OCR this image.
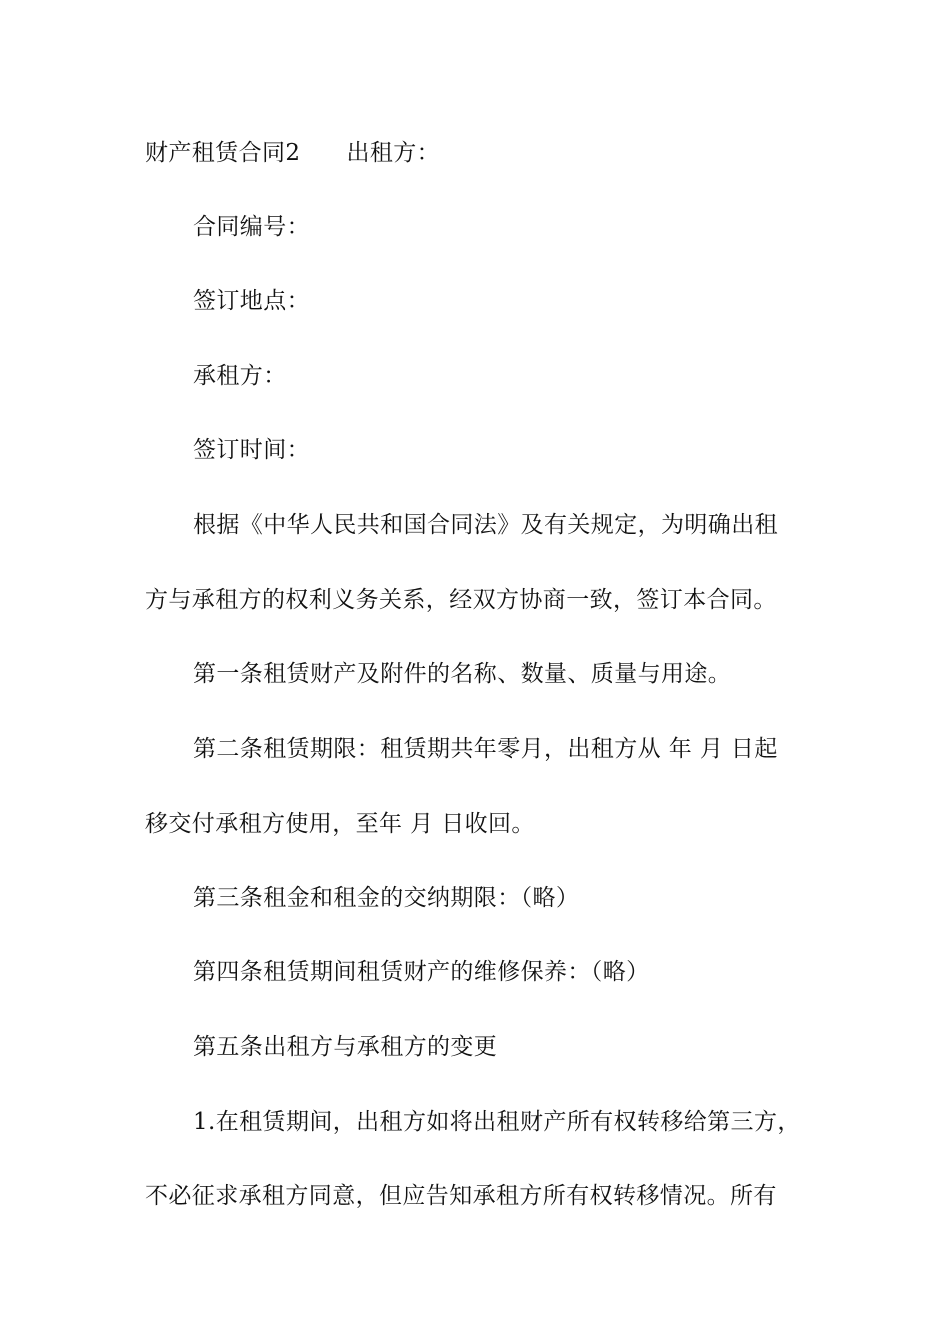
财产租赁合同2 出租方：
合同编号：
签订地点：
承租方：
签订时间：
根据《中华人民共和国合同法》及有关规定，为明确出租
方与承租方的权利义务关系，经双方协商一致，签订本合同。
第一条租赁财产及附件的名称、数量、质量与用途。
第二条租赁期限：租赁期共年零月，出租方从 年 月 日起
移交付承租方使用，至年 月 日收回。
第三条租金和租金的交纳期限：（略）
第四条租赁期间租赁财产的维修保养：（略）
第五条出租方与承租方的变更
1.在租赁期间，出租方如将出租财产所有权转移给第三方，
不必征求承租方同意，但应告知承租方所有权转移情况。所有
